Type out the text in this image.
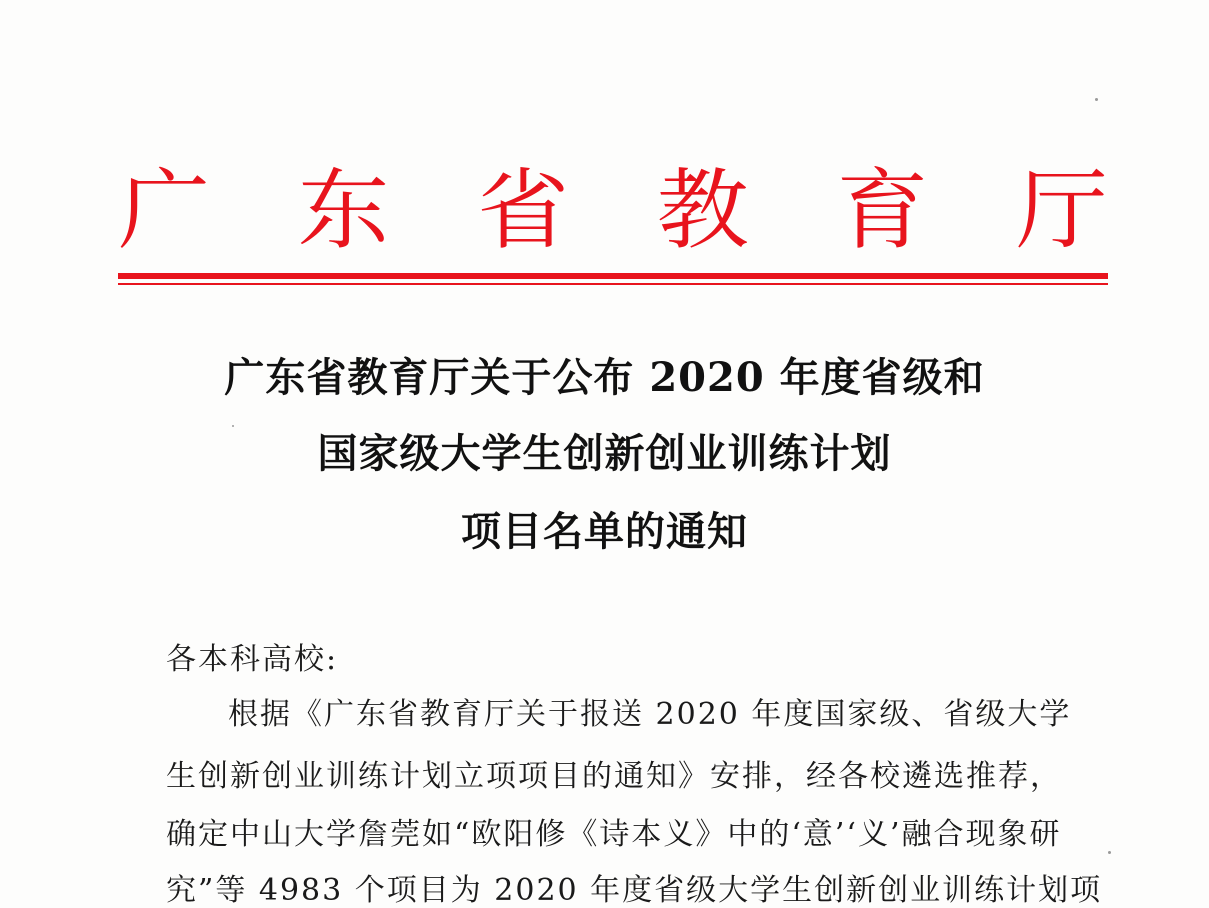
广 东 省 教 育 厅
广东省教育厅关于公布 2020 年度省级和
国家级大学生创新创业训练计划
项目名单的通知
各本科高校:
根据《广东省教育厅关于报送 2020 年度国家级、省级大学
生创新创业训练计划立项项目的通知》安排，经各校遴选推荐，
确定中山大学詹莞如“欧阳修《诗本义》中的‘意’‘义’融合现象研
究”等 4983 个项目为 2020 年度省级大学生创新创业训练计划项
